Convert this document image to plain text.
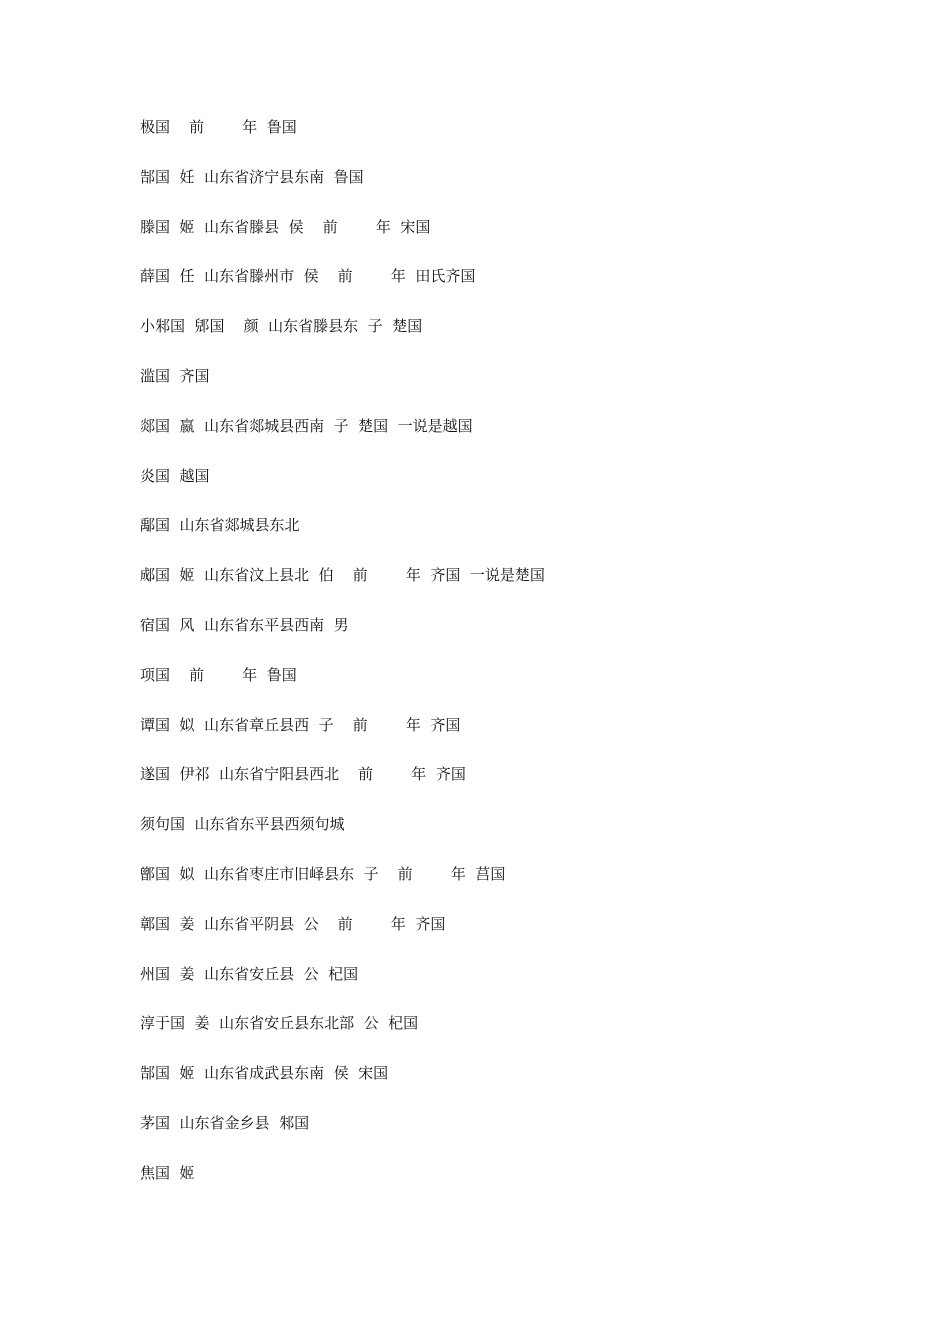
极国    前        年  鲁国
郜国  妊  山东省济宁县东南  鲁国
滕国  姬  山东省滕县  侯    前        年  宋国
薛国  任  山东省滕州市  侯    前        年  田氏齐国
小邾国  郳国    颜  山东省滕县东  子  楚国
滥国  齐国
郯国  嬴  山东省郯城县西南  子  楚国  一说是越国
炎国  越国
鄅国  山东省郯城县东北
郕国  姬  山东省汶上县北  伯    前        年  齐国  一说是楚国
宿国  风  山东省东平县西南  男
项国    前        年  鲁国
谭国  姒  山东省章丘县西  子    前        年  齐国
遂国  伊祁  山东省宁阳县西北    前        年  齐国
须句国  山东省东平县西须句城
鄫国  姒  山东省枣庄市旧峄县东  子    前        年  莒国
鄣国  姜  山东省平阴县  公    前        年  齐国
州国  姜  山东省安丘县  公  杞国
淳于国  姜  山东省安丘县东北部  公  杞国
郜国  姬  山东省成武县东南  侯  宋国
茅国  山东省金乡县  邾国
焦国  姬
